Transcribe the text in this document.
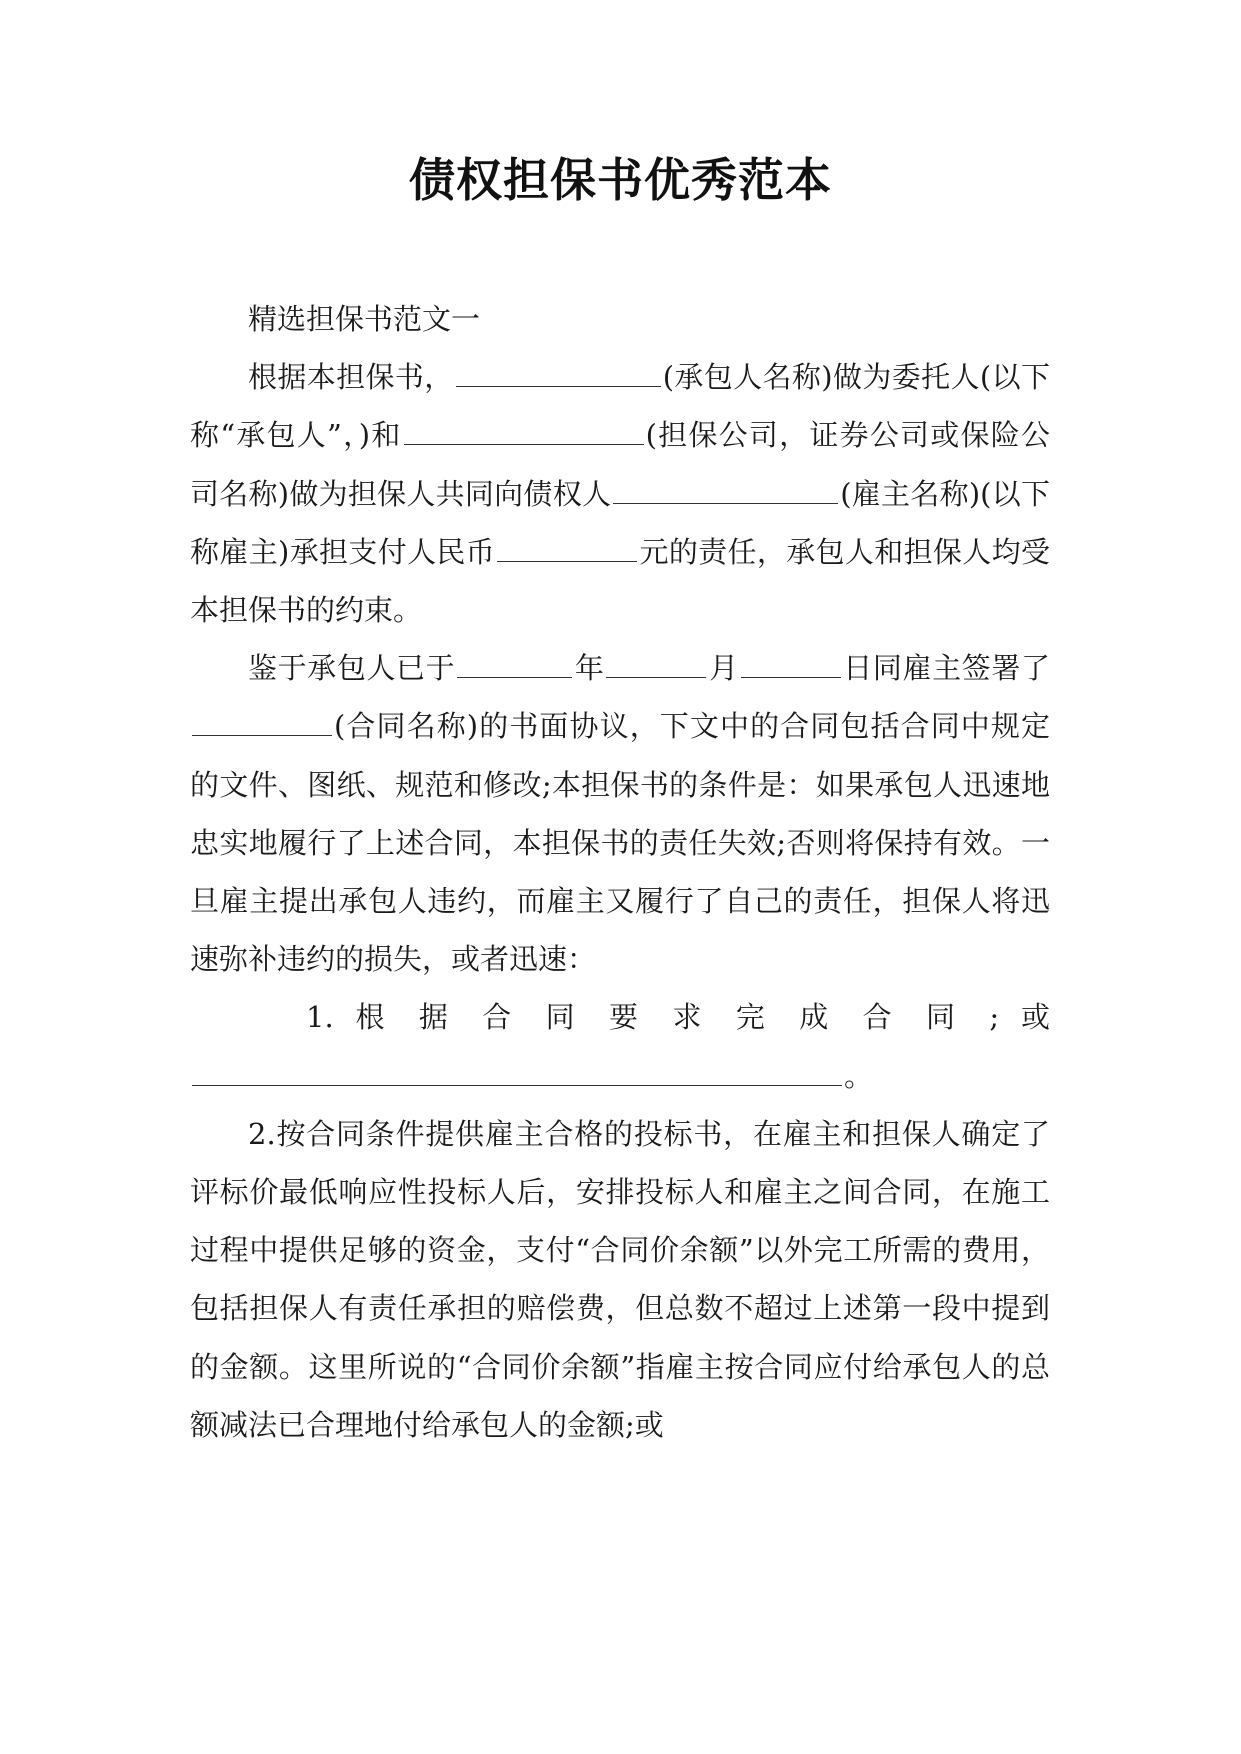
债权担保书优秀范本

精选担保书范文一

根据本担保书，	(承包人名称)做为委托人(以下称“承包人”，)和	(担保公司，证券公司或保险公司名称)做为担保人共同向债权人	(雇主名称)(以下称雇主)承担支付人民币	元的责任，承包人和担保人均受本担保书的约束。

鉴于承包人已于	年	月	日同雇主签署了(合同名称)的书面协议，下文中的合同包括合同中规定的文件、图纸、规范和修改;本担保书的条件是：如果承包人迅速地忠实地履行了上述合同，本担保书的责任失效;否则将保持有效。一旦雇主提出承包人违约，而雇主又履行了自己的责任，担保人将迅速弥补违约的损失，或者迅速：

1. 根 据 合 同 要 求 完 成 合 同 ; 或

。

2.按合同条件提供雇主合格的投标书，在雇主和担保人确定了评标价最低响应性投标人后，安排投标人和雇主之间合同，在施工过程中提供足够的资金，支付“合同价余额”以外完工所需的费用，包括担保人有责任承担的赔偿费，但总数不超过上述第一段中提到的金额。这里所说的“合同价余额”指雇主按合同应付给承包人的总额减法已合理地付给承包人的金额;或
